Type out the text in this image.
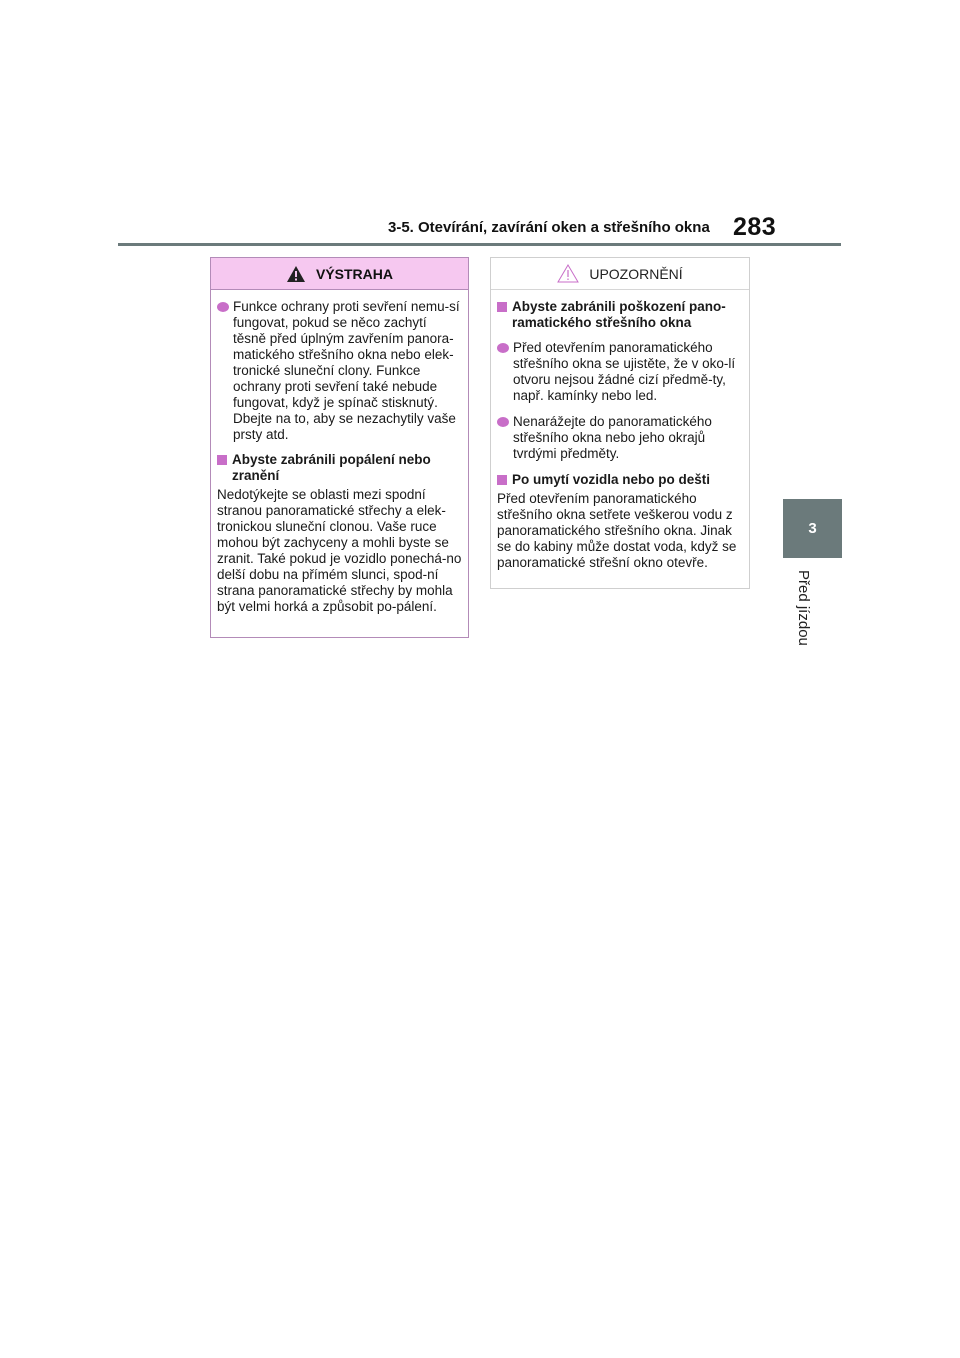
3-5. Otevírání, zavírání oken a střešního okna 283
3
Před jízdou
VÝSTRAHA
Funkce ochrany proti sevření nemu-sí fungovat, pokud se něco zachytí těsně před úplným zavřením panora-matického střešního okna nebo elek-tronické sluneční clony. Funkce ochrany proti sevření také nebude fungovat, když je spínač stisknutý. Dbejte na to, aby se nezachytily vaše prsty atd.
Abyste zabránili popálení nebo zranění
Nedotýkejte se oblasti mezi spodní stranou panoramatické střechy a elek-tronickou sluneční clonou. Vaše ruce mohou být zachyceny a mohli byste se zranit. Také pokud je vozidlo ponechá-no delší dobu na přímém slunci, spod-ní strana panoramatické střechy by mohla být velmi horká a způsobit po-pálení.
UPOZORNĚNÍ
Abyste zabránili poškození pano-ramatického střešního okna
Před otevřením panoramatického střešního okna se ujistěte, že v oko-lí otvoru nejsou žádné cizí předmě-ty, např. kamínky nebo led.
Nenarážejte do panoramatického střešního okna nebo jeho okrajů tvrdými předměty.
Po umytí vozidla nebo po dešti
Před otevřením panoramatického střešního okna setřete veškerou vodu z panoramatického střešního okna. Jinak se do kabiny může dostat voda, když se panoramatické střešní okno otevře.
